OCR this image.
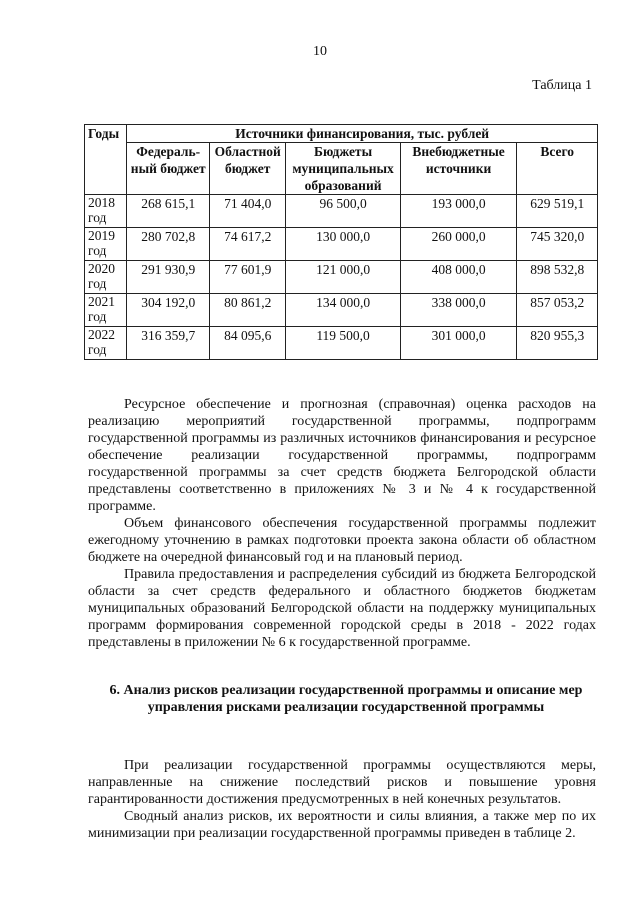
10
Таблица 1
Годы	Источники финансирования, тыс. рублей				
	Федераль-ный бюджет	Областной бюджет	Бюджеты муниципальных образований	Внебюджетные источники	Всего
2018 год	268 615,1	71 404,0	96 500,0	193 000,0	629 519,1
2019 год	280 702,8	74 617,2	130 000,0	260 000,0	745 320,0
2020 год	291 930,9	77 601,9	121 000,0	408 000,0	898 532,8
2021 год	304 192,0	80 861,2	134 000,0	338 000,0	857 053,2
2022 год	316 359,7	84 095,6	119 500,0	301 000,0	820 955,3

Ресурсное обеспечение и прогнозная (справочная) оценка расходов на реализацию мероприятий государственной программы, подпрограмм государственной программы из различных источников финансирования и ресурсное обеспечение реализации государственной программы, подпрограмм государственной программы за счет средств бюджета Белгородской области представлены соответственно в приложениях № 3 и № 4 к государственной программе.

Объем финансового обеспечения государственной программы подлежит ежегодному уточнению в рамках подготовки проекта закона области об областном бюджете на очередной финансовый год и на плановый период.

Правила предоставления и распределения субсидий из бюджета Белгородской области за счет средств федерального и областного бюджетов бюджетам муниципальных образований Белгородской области на поддержку муниципальных программ формирования современной городской среды в 2018 - 2022 годах представлены в приложении № 6 к государственной программе.

6. Анализ рисков реализации государственной программы и описание мер управления рисками реализации государственной программы

При реализации государственной программы осуществляются меры, направленные на снижение последствий рисков и повышение уровня гарантированности достижения предусмотренных в ней конечных результатов.

Сводный анализ рисков, их вероятности и силы влияния, а также мер по их минимизации при реализации государственной программы приведен в таблице 2.
